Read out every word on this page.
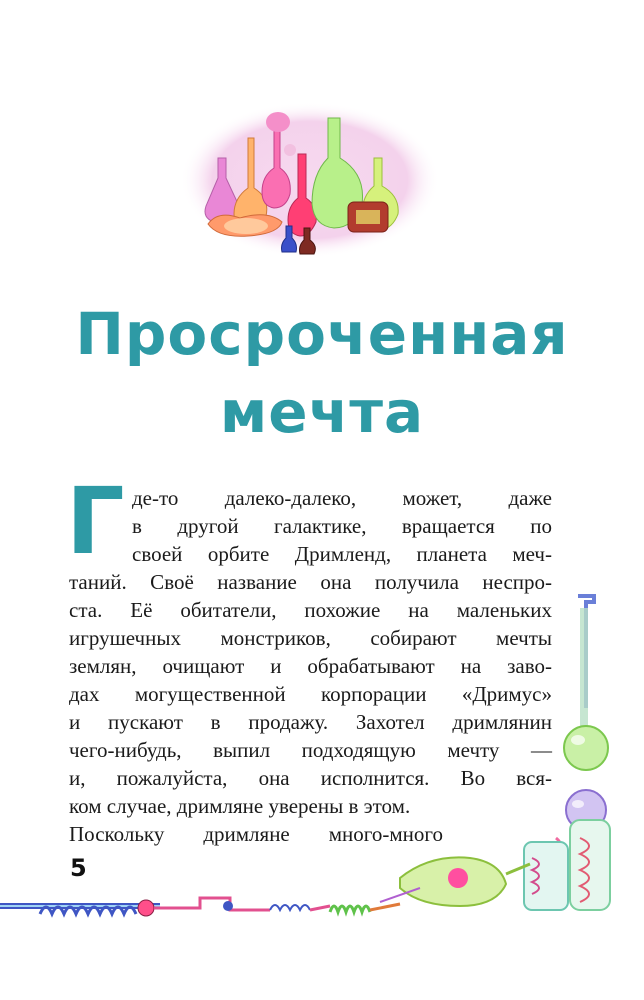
Просроченная
мечта
Г де-то далеко-далеко, может, даже
в другой галактике, вращается по
своей орбите Дримленд, планета меч-
таний. Своё название она получила неспро-
ста. Её обитатели, похожие на маленьких
игрушечных монстриков, собирают мечты
землян, очищают и обрабатывают на заво-
дах могущественной корпорации «Дримус»
и пускают в продажу. Захотел дримлянин
чего-нибудь, выпил подходящую мечту —
и, пожалуйста, она исполнится. Во вся-
ком случае, дримляне уверены в этом.
Поскольку дримляне много-много
5
